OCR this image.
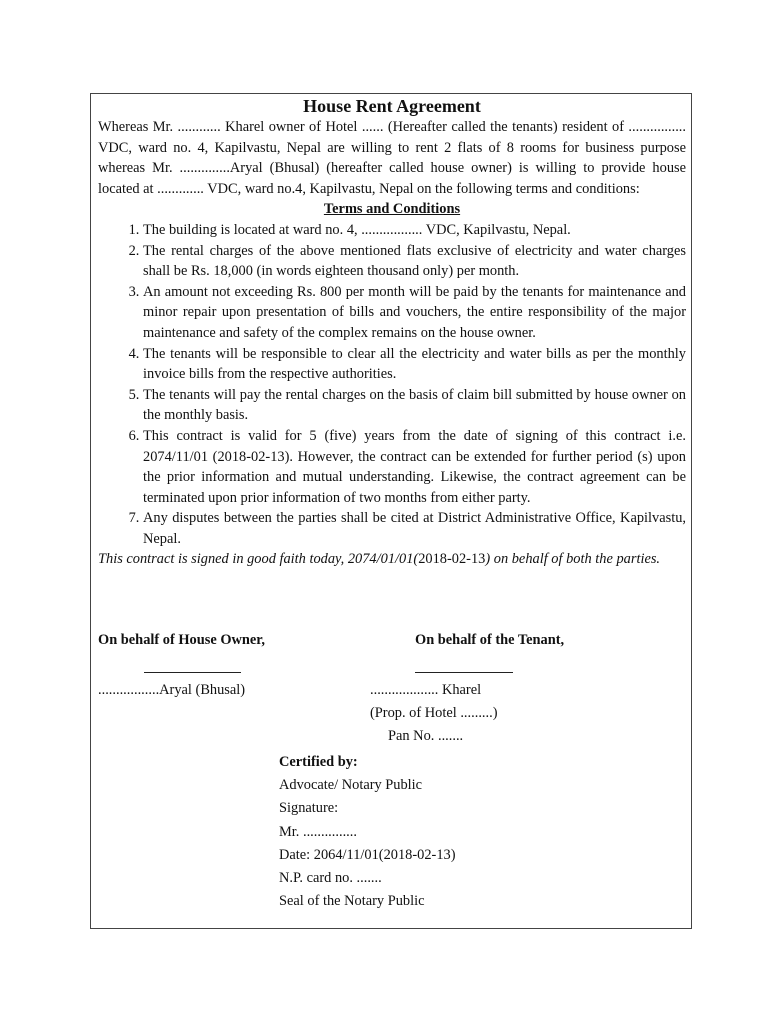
House Rent Agreement

Whereas Mr. ............ Kharel owner of Hotel ...... (Hereafter called the tenants) resident of ................ VDC, ward no. 4, Kapilvastu, Nepal are willing to rent 2 flats of 8 rooms for business purpose whereas Mr. ..............Aryal (Bhusal) (hereafter called house owner) is willing to provide house located at ............. VDC, ward no.4, Kapilvastu, Nepal on the following terms and conditions:

Terms and Conditions
1. The building is located at ward no. 4, ................. VDC, Kapilvastu, Nepal.
2. The rental charges of the above mentioned flats exclusive of electricity and water charges shall be Rs. 18,000 (in words eighteen thousand only) per month.
3. An amount not exceeding Rs. 800 per month will be paid by the tenants for maintenance and minor repair upon presentation of bills and vouchers, the entire responsibility of the major maintenance and safety of the complex remains on the house owner.
4. The tenants will be responsible to clear all the electricity and water bills as per the monthly invoice bills from the respective authorities.
5. The tenants will pay the rental charges on the basis of claim bill submitted by house owner on the monthly basis.
6. This contract is valid for 5 (five) years from the date of signing of this contract i.e. 2074/11/01 (2018-02-13). However, the contract can be extended for further period (s) upon the prior information and mutual understanding. Likewise, the contract agreement can be terminated upon prior information of two months from either party.
7. Any disputes between the parties shall be cited at District Administrative Office, Kapilvastu, Nepal.

This contract is signed in good faith today, 2074/01/01(2018-02-13) on behalf of both the parties.

On behalf of House Owner,	On behalf of the Tenant,
.................Aryal (Bhusal)	................... Kharel
(Prop. of Hotel .........)
Pan No. .......
Certified by:
Advocate/ Notary Public
Signature:
Mr. ...............
Date: 2064/11/01(2018-02-13)
N.P. card no. .......
Seal of the Notary Public
